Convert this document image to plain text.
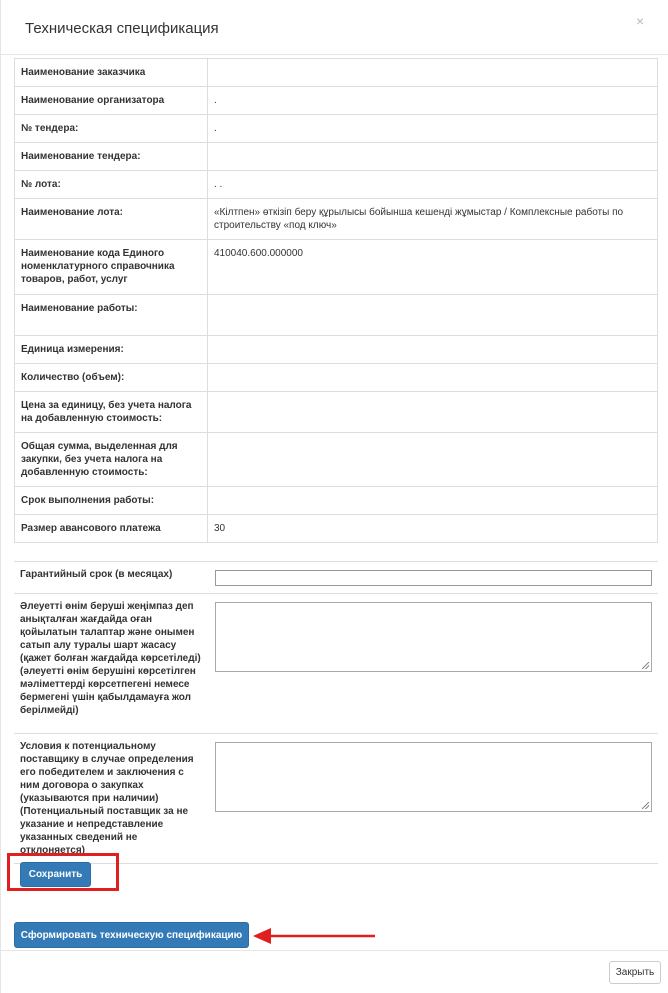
Техническая спецификация	×
Наименование заказчика	
Наименование организатора	.
№ тендера:	.
Наименование тендера:	
№ лота:	. .
Наименование лота:	«Кілтпен» өткізіп беру құрылысы бойынша кешенді жұмыстар / Комплексные работы по строительству «под ключ»
Наименование кода Единого номенклатурного справочника товаров, работ, услуг	410040.600.000000
Наименование работы:	
Единица измерения:	
Количество (объем):	
Цена за единицу, без учета налога на добавленную стоимость:	
Общая сумма, выделенная для закупки, без учета налога на добавленную стоимость:	
Срок выполнения работы:	
Размер авансового платежа	30
Гарантийный срок (в месяцах)	

Әлеуетті өнім беруші жеңімпаз деп анықталған жағдайда оған қойылатын талаптар және онымен сатып алу туралы шарт жасасу (қажет болған жағдайда көрсетіледі) (әлеуетті өнім берушіні көрсетілген мәліметтерді көрсетпегені немесе бермегені үшін қабылдамауға жол берілмейді)	

Условия к потенциальному поставщику в случае определения его победителем и заключения с ним договора о закупках (указываются при наличии) (Потенциальный поставщик за не указание и непредставление указанных сведений не отклоняется)	
Сохранить
Сформировать техническую спецификацию
Закрыть
